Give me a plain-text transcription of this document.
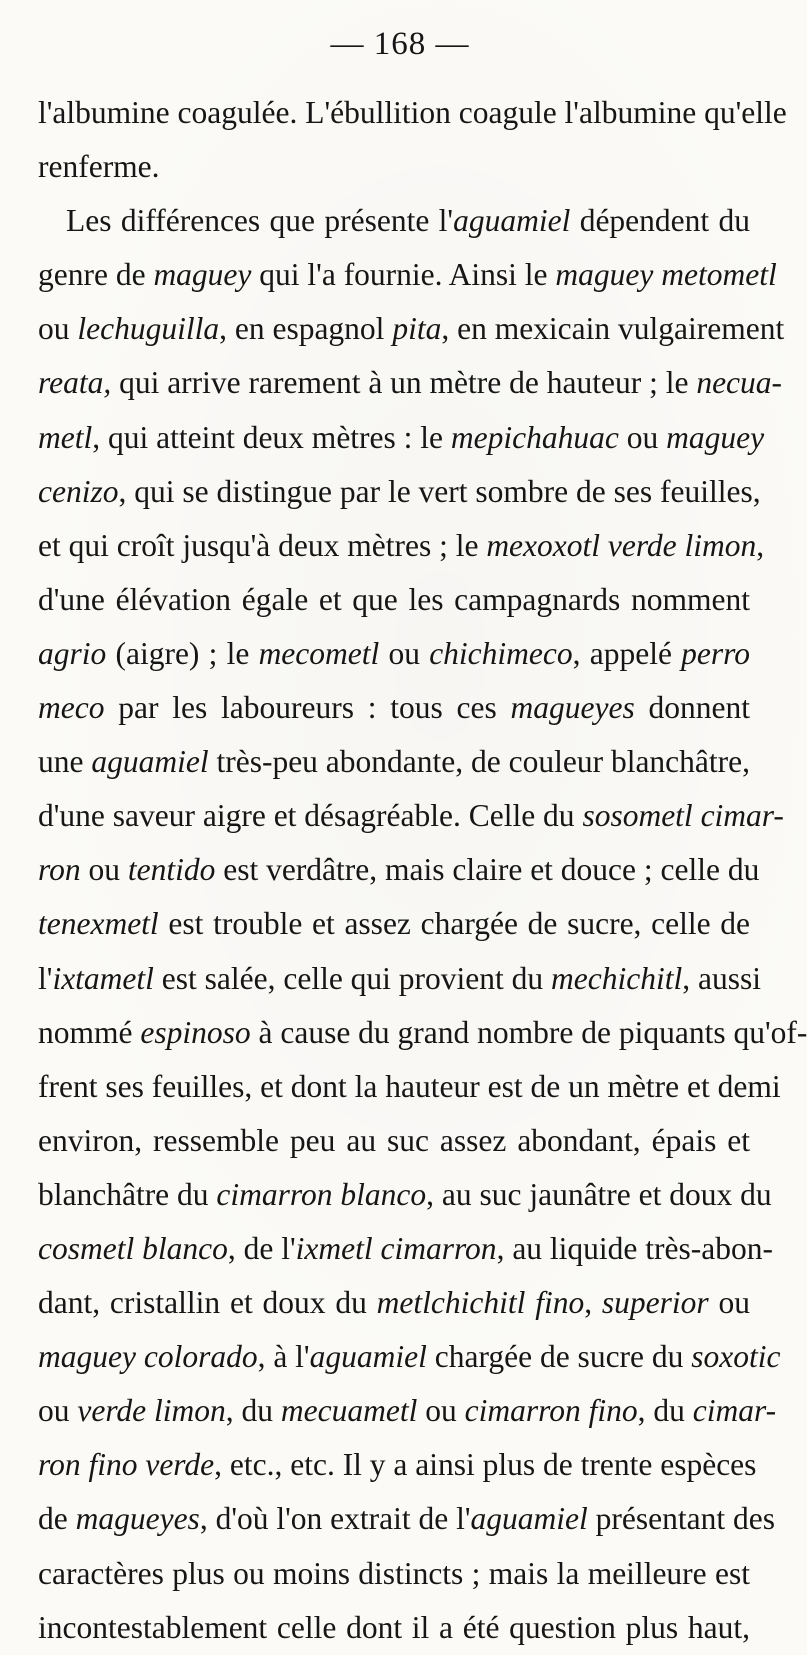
— 168 —
l'albumine coagulée. L'ébullition coagule l'albumine qu'elle
renferme.
Les différences que présente l'aguamiel dépendent du
genre de maguey qui l'a fournie. Ainsi le maguey metometl
ou lechuguilla, en espagnol pita, en mexicain vulgairement
reata, qui arrive rarement à un mètre de hauteur ; le necua-
metl, qui atteint deux mètres : le mepichahuac ou maguey
cenizo, qui se distingue par le vert sombre de ses feuilles,
et qui croît jusqu'à deux mètres ; le mexoxotl verde limon,
d'une élévation égale et que les campagnards nomment
agrio (aigre) ; le mecometl ou chichimeco, appelé perro
meco par les laboureurs : tous ces magueyes donnent
une aguamiel très-peu abondante, de couleur blanchâtre,
d'une saveur aigre et désagréable. Celle du sosometl cimar-
ron ou tentido est verdâtre, mais claire et douce ; celle du
tenexmetl est trouble et assez chargée de sucre, celle de
l'ixtametl est salée, celle qui provient du mechichitl, aussi
nommé espinoso à cause du grand nombre de piquants qu'of-
frent ses feuilles, et dont la hauteur est de un mètre et demi
environ, ressemble peu au suc assez abondant, épais et
blanchâtre du cimarron blanco, au suc jaunâtre et doux du
cosmetl blanco, de l'ixmetl cimarron, au liquide très-abon-
dant, cristallin et doux du metlchichitl fino, superior ou
maguey colorado, à l'aguamiel chargée de sucre du soxotic
ou verde limon, du mecuametl ou cimarron fino, du cimar-
ron fino verde, etc., etc. Il y a ainsi plus de trente espèces
de magueyes, d'où l'on extrait de l'aguamiel présentant des
caractères plus ou moins distincts ; mais la meilleure est
incontestablement celle dont il a été question plus haut,
